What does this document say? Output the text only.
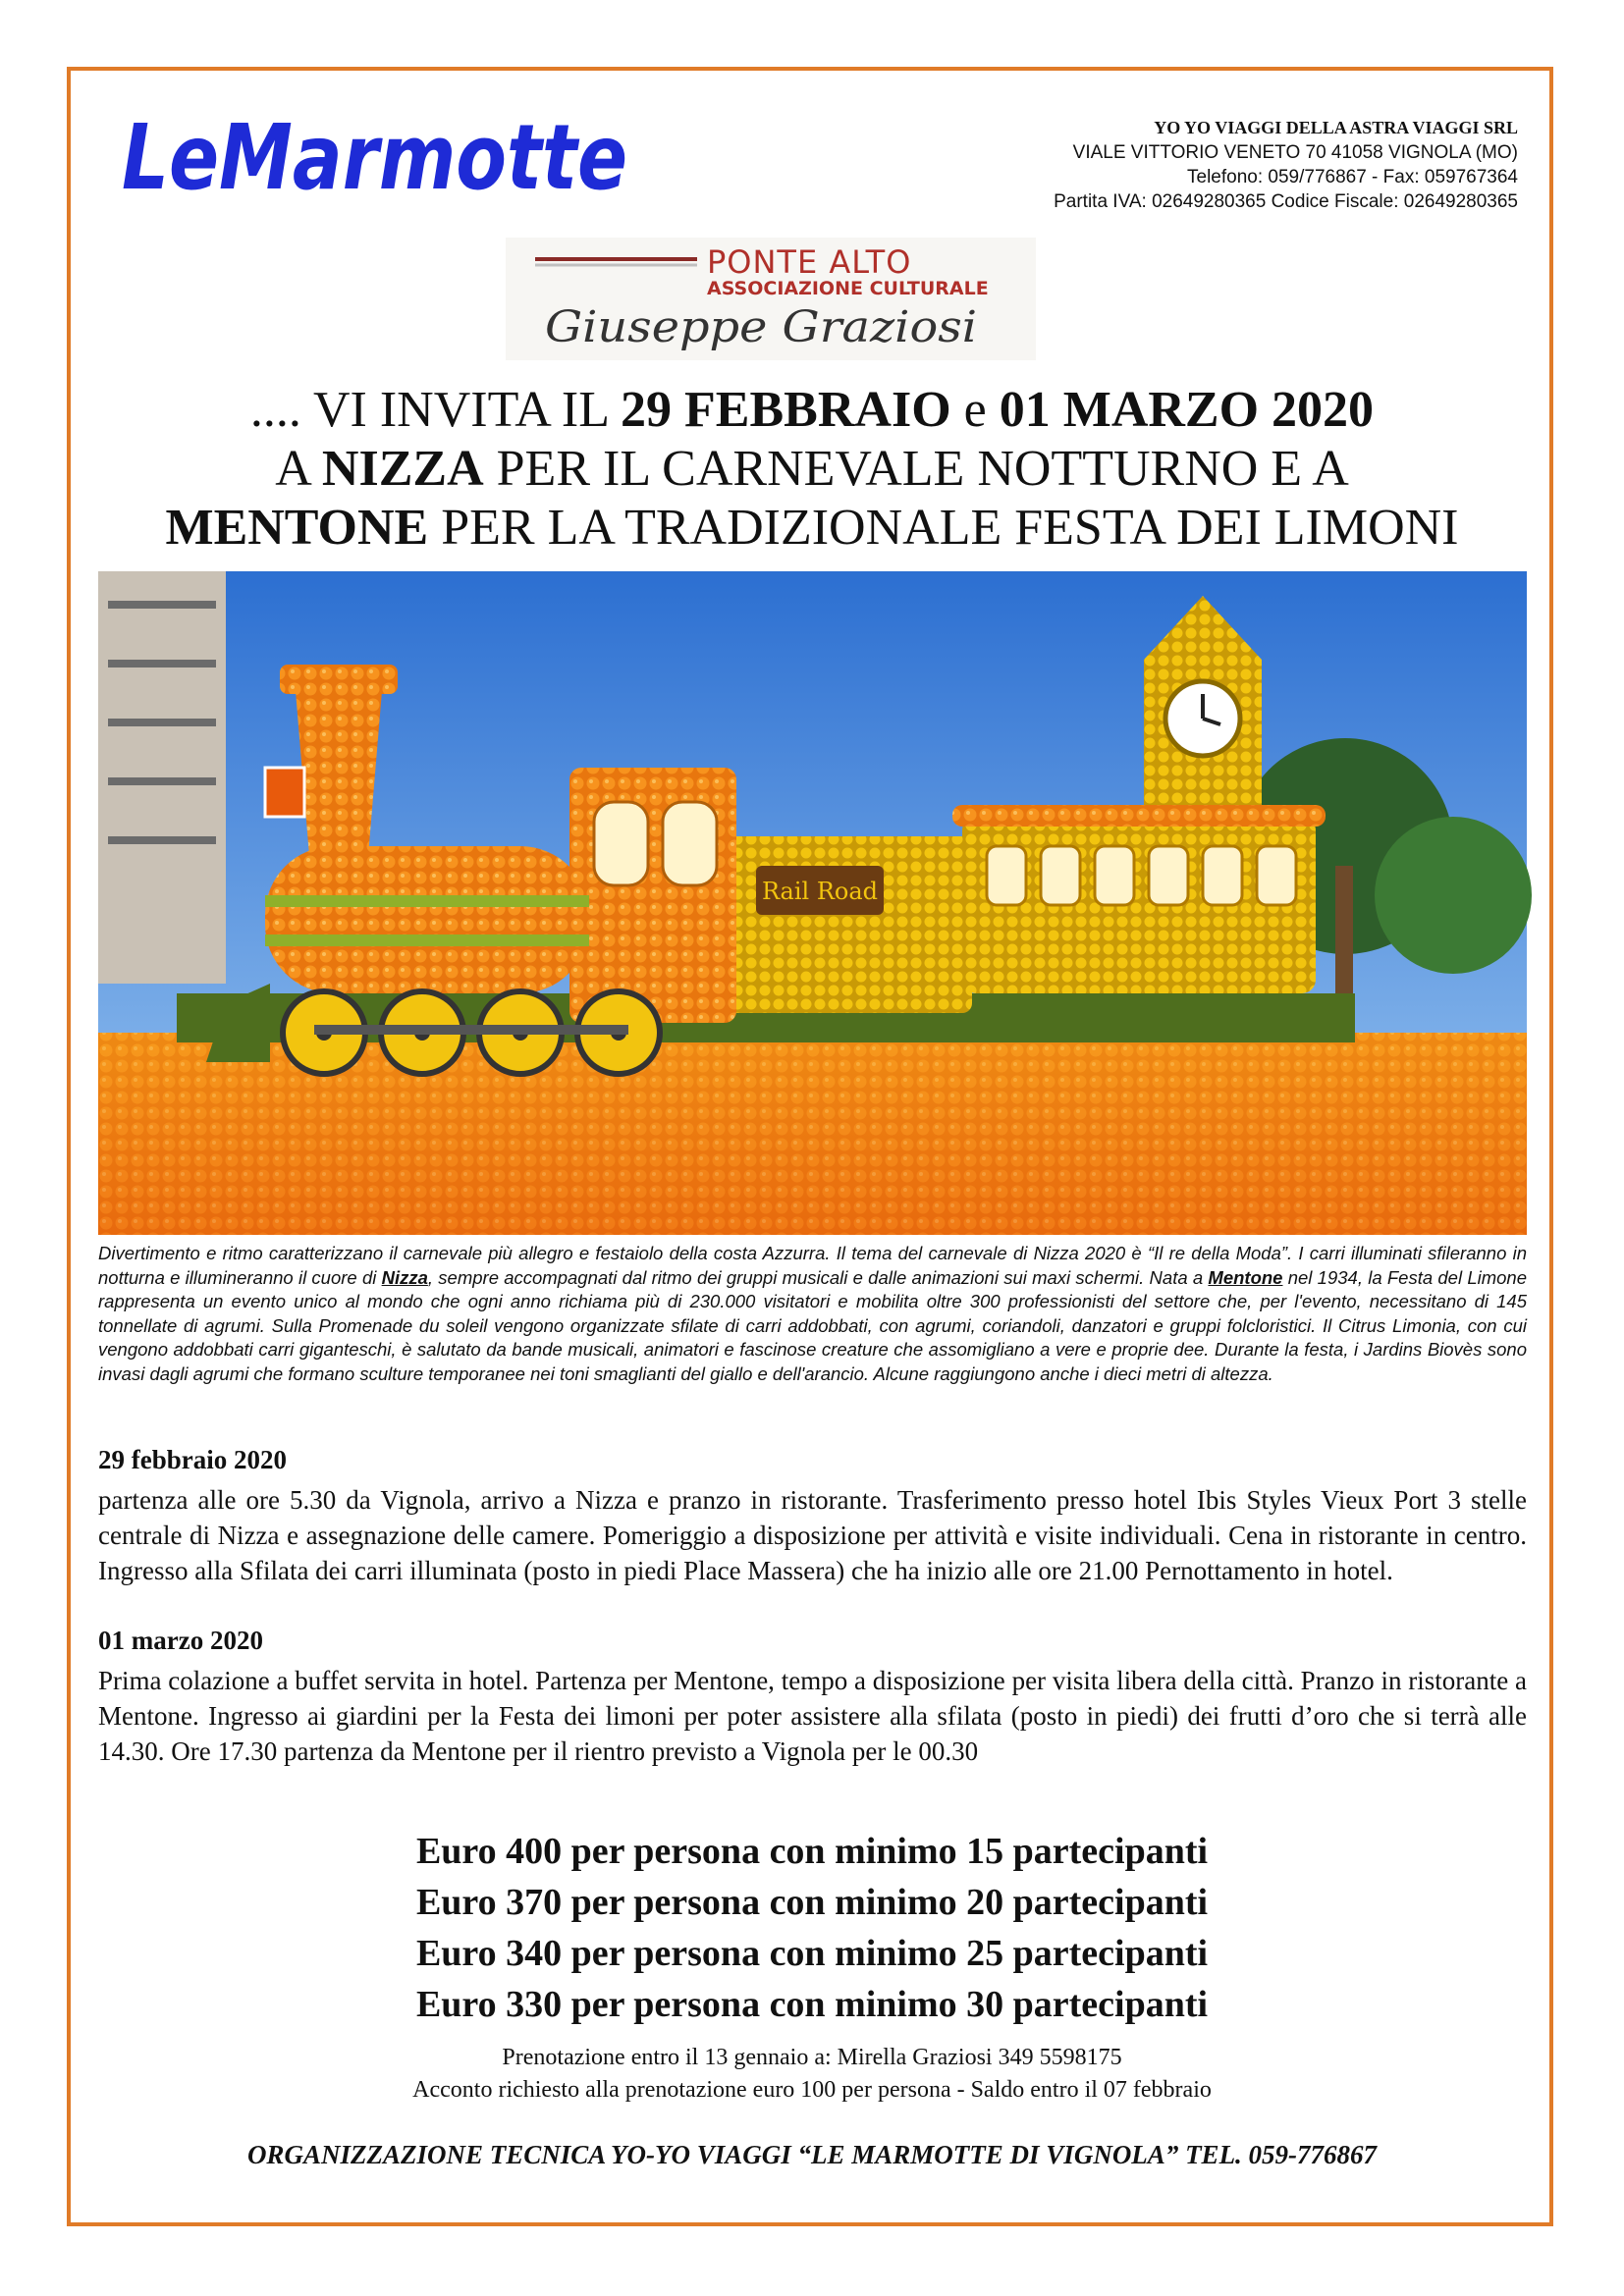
LeMarmotte	YO YO VIAGGI DELLA ASTRA VIAGGI SRL
VIALE VITTORIO VENETO 70 41058 VIGNOLA (MO)
Telefono: 059/776867 - Fax: 059767364
Partita IVA: 02649280365 Codice Fiscale: 02649280365
PONTE ALTO
ASSOCIAZIONE CULTURALE
Giuseppe Graziosi
.... VI INVITA IL 29 FEBBRAIO e 01 MARZO 2020
A NIZZA PER IL CARNEVALE NOTTURNO E A
MENTONE PER LA TRADIZIONALE FESTA DEI LIMONI
Rail Road
Divertimento e ritmo caratterizzano il carnevale più allegro e festaiolo della costa Azzurra. Il tema del carnevale di Nizza 2020 è “Il re della Moda”. I carri illuminati sfileranno in notturna e illumineranno il cuore di Nizza, sempre accompagnati dal ritmo dei gruppi musicali e dalle animazioni sui maxi schermi. Nata a Mentone nel 1934, la Festa del Limone rappresenta un evento unico al mondo che ogni anno richiama più di 230.000 visitatori e mobilita oltre 300 professionisti del settore che, per l'evento, necessitano di 145 tonnellate di agrumi. Sulla Promenade du soleil vengono organizzate sfilate di carri addobbati, con agrumi, coriandoli, danzatori e gruppi folcloristici. Il Citrus Limonia, con cui vengono addobbati carri giganteschi, è salutato da bande musicali, animatori e fascinose creature che assomigliano a vere e proprie dee. Durante la festa, i Jardins Biovès sono invasi dagli agrumi che formano sculture temporanee nei toni smaglianti del giallo e dell'arancio. Alcune raggiungono anche i dieci metri di altezza.
29 febbraio 2020
partenza alle ore 5.30 da Vignola, arrivo a Nizza e pranzo in ristorante. Trasferimento presso hotel Ibis Styles Vieux Port 3 stelle centrale di Nizza e assegnazione delle camere. Pomeriggio a disposizione per attività e visite individuali. Cena in ristorante in centro. Ingresso alla Sfilata dei carri illuminata (posto in piedi Place Massera) che ha inizio alle ore 21.00 Pernottamento in hotel.
01 marzo 2020
Prima colazione a buffet servita in hotel. Partenza per Mentone, tempo a disposizione per visita libera della città. Pranzo in ristorante a Mentone. Ingresso ai giardini per la Festa dei limoni per poter assistere alla sfilata (posto in piedi) dei frutti d’oro che si terrà alle 14.30. Ore 17.30 partenza da Mentone per il rientro previsto a Vignola per le 00.30
Euro 400 per persona con minimo 15 partecipanti
Euro 370 per persona con minimo 20 partecipanti
Euro 340 per persona con minimo 25 partecipanti
Euro 330 per persona con minimo 30 partecipanti
Prenotazione entro il 13 gennaio a: Mirella Graziosi 349 5598175
Acconto richiesto alla prenotazione euro 100 per persona - Saldo entro il 07 febbraio
ORGANIZZAZIONE TECNICA YO-YO VIAGGI “LE MARMOTTE DI VIGNOLA” TEL. 059-776867
